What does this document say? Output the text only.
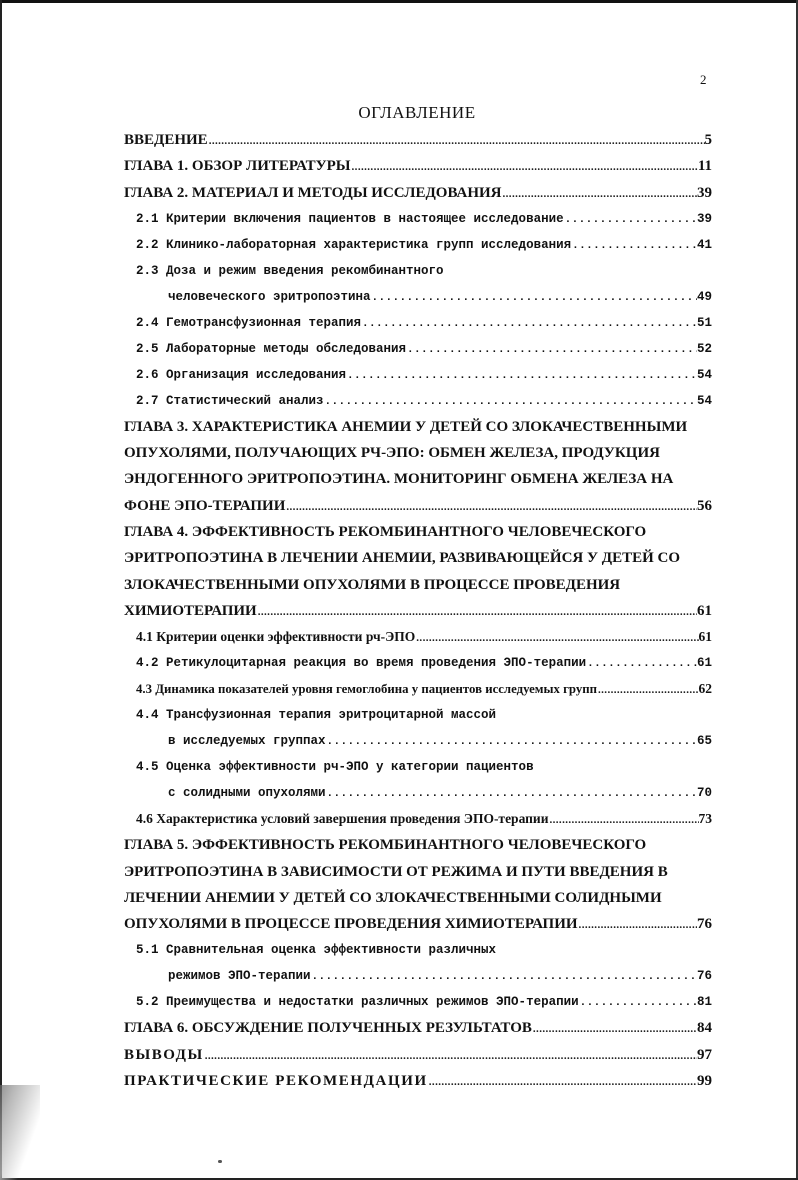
2
ОГЛАВЛЕНИЕ
ВВЕДЕНИЕ .....	5
ГЛАВА 1. ОБЗОР ЛИТЕРАТУРЫ .....	11
ГЛАВА 2. МАТЕРИАЛ И МЕТОДЫ ИССЛЕДОВАНИЯ .....	39
2.1 Критерии включения пациентов в настоящее исследование .....	39
2.2 Клинико-лабораторная характеристика групп исследования .....	41
2.3 Доза и режим введения рекомбинантного
человеческого эритропоэтина .....	49
2.4 Гемотрансфузионная терапия .....	51
2.5 Лабораторные методы обследования .....	52
2.6 Организация исследования .....	54
2.7 Статистический анализ .....	54
ГЛАВА 3. ХАРАКТЕРИСТИКА АНЕМИИ У ДЕТЕЙ СО ЗЛОКАЧЕСТВЕННЫМИ
ОПУХОЛЯМИ, ПОЛУЧАЮЩИХ РЧ-ЭПО: ОБМЕН ЖЕЛЕЗА, ПРОДУКЦИЯ
ЭНДОГЕННОГО ЭРИТРОПОЭТИНА. МОНИТОРИНГ ОБМЕНА ЖЕЛЕЗА НА
ФОНЕ ЭПО-ТЕРАПИИ .....	56
ГЛАВА 4. ЭФФЕКТИВНОСТЬ РЕКОМБИНАНТНОГО ЧЕЛОВЕЧЕСКОГО
ЭРИТРОПОЭТИНА В ЛЕЧЕНИИ АНЕМИИ, РАЗВИВАЮЩЕЙСЯ У ДЕТЕЙ СО
ЗЛОКАЧЕСТВЕННЫМИ ОПУХОЛЯМИ В ПРОЦЕССЕ ПРОВЕДЕНИЯ
ХИМИОТЕРАПИИ .....	61
4.1 Критерии оценки эффективности рч-ЭПО .....	61
4.2 Ретикулоцитарная реакция во время проведения ЭПО-терапии .....	61
4.3 Динамика показателей уровня гемоглобина у пациентов исследуемых групп .....	62
4.4 Трансфузионная терапия эритроцитарной массой
в исследуемых группах .....	65
4.5 Оценка эффективности рч-ЭПО у категории пациентов
с солидными опухолями .....	70
4.6 Характеристика условий завершения проведения ЭПО-терапии .....	73
ГЛАВА 5. ЭФФЕКТИВНОСТЬ РЕКОМБИНАНТНОГО ЧЕЛОВЕЧЕСКОГО
ЭРИТРОПОЭТИНА В ЗАВИСИМОСТИ ОТ РЕЖИМА И ПУТИ ВВЕДЕНИЯ В
ЛЕЧЕНИИ АНЕМИИ У ДЕТЕЙ СО ЗЛОКАЧЕСТВЕННЫМИ СОЛИДНЫМИ
ОПУХОЛЯМИ В ПРОЦЕССЕ ПРОВЕДЕНИЯ ХИМИОТЕРАПИИ .....	76
5.1 Сравнительная оценка эффективности различных
режимов ЭПО-терапии .....	76
5.2 Преимущества и недостатки различных режимов ЭПО-терапии .....	81
ГЛАВА 6. ОБСУЖДЕНИЕ ПОЛУЧЕННЫХ РЕЗУЛЬТАТОВ .....	84
ВЫВОДЫ .....	97
ПРАКТИЧЕСКИЕ РЕКОМЕНДАЦИИ .....	99
